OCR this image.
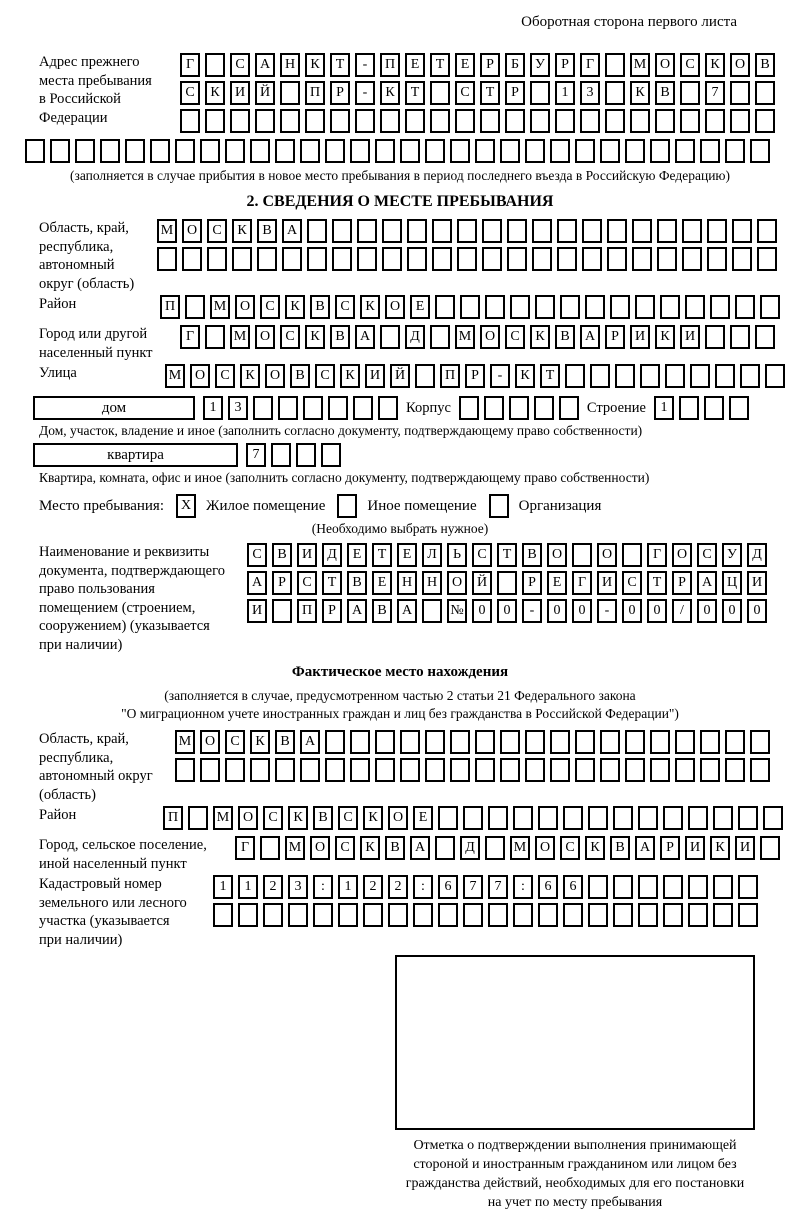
Оборотная сторона первого листа
Адрес прежнего
места пребывания
в Российской
Федерации
Г	С	А	Н	К	Т	-	П	Е	Т	Е	Р	Б	У	Р	Г	М О	С	К	О	В
С	К	И	Й	П	Р	-	К	Т	С	Т	Р	1	3	К	В	7
(заполняется в случае прибытия в новое место пребывания в период последнего въезда в Российскую Федерацию)
2. СВЕДЕНИЯ О МЕСТЕ ПРЕБЫВАНИЯ
Область, край,
республика,
автономный
округ (область)
М О	С	К	В	А
Район	П	М О	С	К	В	С	К	О	Е
Город или другой
населенный пункт
Г	М О	С	К	В	А	Д	М О	С	К	В	А	Р	И	К	И
Улица	М О	С	К	О	В	С	К	И	Й	П	Р	-	К	Т
дом	1	3	Корпус	Строение	1
Дом, участок, владение и иное (заполнить согласно документу, подтверждающему право собственности)
квартира	7
Квартира, комната, офис и иное (заполнить согласно документу, подтверждающему право собственности)
Место пребывания:	X Жилое помещение	Иное помещение	Организация
(Необходимо выбрать нужное)
Наименование и реквизиты
документа, подтверждающего
право пользования
помещением (строением,
сооружением) (указывается
при наличии)
С	В	И	Д	Е	Т	Е	Л	Ь	С	Т	В	О	О	Г	О	С	У	Д
А	Р	С	Т	В	Е	Н	Н	О	Й	Р	Е	Г	И	С	Т	Р	А	Ц	И
И	П	Р	А	В	А	№	0	0	-	0	0	-	0	0	/	0	0	0
Фактическое место нахождения
(заполняется в случае, предусмотренном частью 2 статьи 21 Федерального закона
"О миграционном учете иностранных граждан и лиц без гражданства в Российской Федерации")
Область, край,
республика,
автономный округ
(область)
М О	С	К	В	А
Район	П	М О	С	К	В	С	К	О	Е
Город, сельское поселение,
иной населенный пункт
Г	М О	С	К	В	А	Д	М О	С	К	В	А	Р	И	К	И
Кадастровый номер
земельного или лесного
участка (указывается
при наличии)
1	1	2	3	:	1	2	2	:	6	7	7	:	6	6
Отметка о подтверждении выполнения принимающей
стороной и иностранным гражданином или лицом без
гражданства действий, необходимых для его постановки
на учет по месту пребывания
